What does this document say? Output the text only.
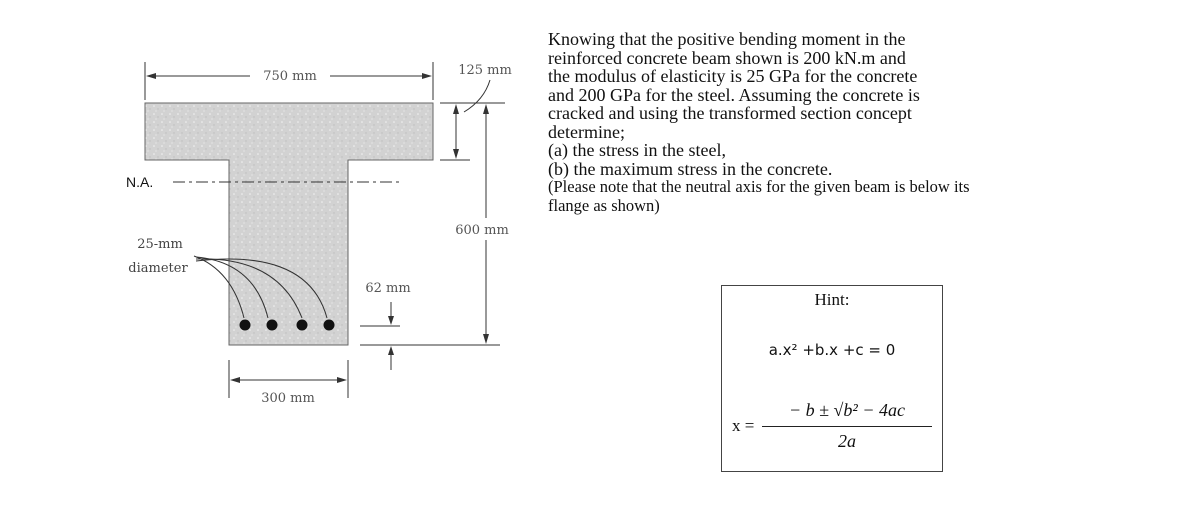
750 mm	125 mm
600 mm
62 mm
300 mm
N.A.
25-mm
diameter
Knowing that the positive bending moment in the
reinforced concrete beam shown is 200 kN.m and
the modulus of elasticity is 25 GPa for the concrete
and 200 GPa for the steel. Assuming the concrete is
cracked and using the transformed section concept
determine;
(a) the stress in the steel,
(b) the maximum stress in the concrete.
(Please note that the neutral axis for the given beam is below its
flange as shown)
Hint:
a.x² +b.x +c = 0
x =
− b ± √b² − 4ac
2a
